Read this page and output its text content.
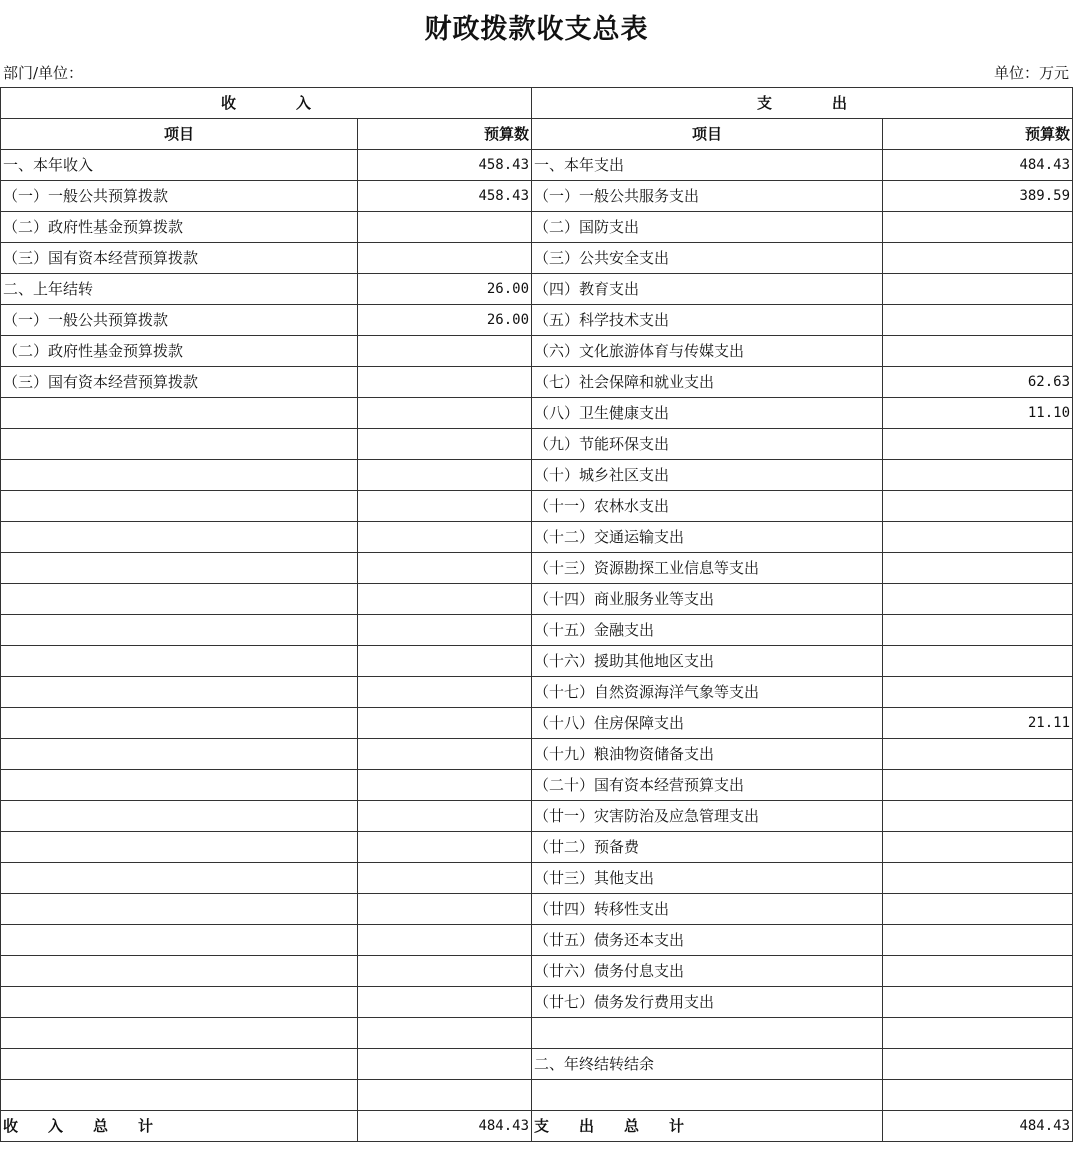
财政拨款收支总表
部门/单位：	单位：万元
收　　　　入		支　　　　出	
项目	预算数	项目	预算数
一、本年收入	458.43	一、本年支出	484.43
（一）一般公共预算拨款	458.43	（一）一般公共服务支出	389.59
（二）政府性基金预算拨款		（二）国防支出	
（三）国有资本经营预算拨款		（三）公共安全支出	
二、上年结转	26.00	（四）教育支出	
（一）一般公共预算拨款	26.00	（五）科学技术支出	
（二）政府性基金预算拨款		（六）文化旅游体育与传媒支出	
（三）国有资本经营预算拨款		（七）社会保障和就业支出	62.63
		（八）卫生健康支出	11.10
		（九）节能环保支出	
		（十）城乡社区支出	
		（十一）农林水支出	
		（十二）交通运输支出	
		（十三）资源勘探工业信息等支出	
		（十四）商业服务业等支出	
		（十五）金融支出	
		（十六）援助其他地区支出	
		（十七）自然资源海洋气象等支出	
		（十八）住房保障支出	21.11
		（十九）粮油物资储备支出	
		（二十）国有资本经营预算支出	
		（廿一）灾害防治及应急管理支出	
		（廿二）预备费	
		（廿三）其他支出	
		（廿四）转移性支出	
		（廿五）债务还本支出	
		（廿六）债务付息支出	
		（廿七）债务发行费用支出	

		二、年终结转结余	

收　　入　　总　　计	484.43	支　　出　　总　　计	484.43
